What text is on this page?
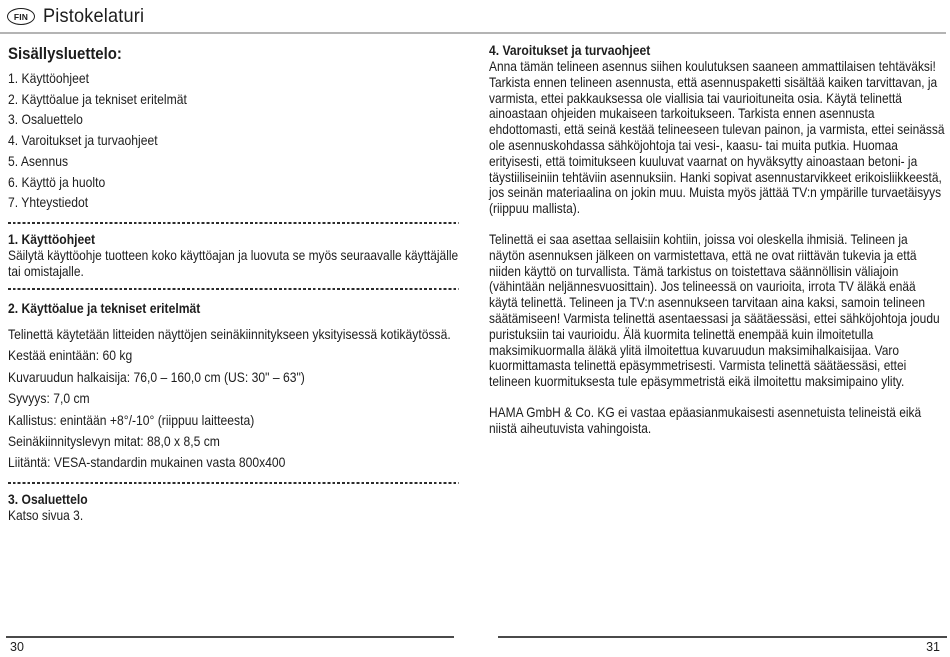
FIN Pistokelaturi
Sisällysluettelo:
1. Käyttöohjeet
2. Käyttöalue ja tekniset eritelmät
3. Osaluettelo
4. Varoitukset ja turvaohjeet
5. Asennus
6. Käyttö ja huolto
7. Yhteystiedot
1. Käyttöohjeet

Säilytä käyttöohje tuotteen koko käyttöajan ja luovuta se myös seuraavalle käyttäjälle tai omistajalle.

2. Käyttöalue ja tekniset eritelmät

Telinettä käytetään litteiden näyttöjen seinäkiinnitykseen yksityisessä kotikäytössä.

Kestää enintään: 60 kg
Kuvaruudun halkaisija: 76,0 – 160,0 cm (US: 30" – 63")
Syvyys: 7,0 cm
Kallistus: enintään +8°/-10° (riippuu laitteesta)
Seinäkiinnityslevyn mitat: 88,0 x 8,5 cm
Liitäntä: VESA-standardin mukainen vasta 800x400
3. Osaluettelo

Katso sivua 3.

4. Varoitukset ja turvaohjeet

Anna tämän telineen asennus siihen koulutuksen saaneen ammattilaisen tehtäväksi! Tarkista ennen telineen asennusta, että asennuspaketti sisältää kaiken tarvittavan, ja varmista, ettei pakkauksessa ole viallisia tai vaurioituneita osia. Käytä telinettä ainoastaan ohjeiden mukaiseen tarkoitukseen. Tarkista ennen asennusta ehdottomasti, että seinä kestää telineeseen tulevan painon, ja varmista, ettei seinässä ole asennuskohdassa sähköjohtoja tai vesi-, kaasu- tai muita putkia. Huomaa erityisesti, että toimitukseen kuuluvat vaarnat on hyväksytty ainoastaan betoni- ja täystiiliseiniin tehtäviin asennuksiin. Hanki sopivat asennustarvikkeet erikoisliikkeestä, jos seinän materiaalina on jokin muu. Muista myös jättää TV:n ympärille turvaetäisyys (riippuu mallista).

Telinettä ei saa asettaa sellaisiin kohtiin, joissa voi oleskella ihmisiä. Telineen ja näytön asennuksen jälkeen on varmistettava, että ne ovat riittävän tukevia ja että niiden käyttö on turvallista. Tämä tarkistus on toistettava säännöllisin väliajoin (vähintään neljännesvuosittain). Jos telineessä on vaurioita, irrota TV äläkä enää käytä telinettä. Telineen ja TV:n asennukseen tarvitaan aina kaksi, samoin telineen säätämiseen! Varmista telinettä asentaessasi ja säätäessäsi, ettei sähköjohtoja joudu puristuksiin tai vaurioidu. Älä kuormita telinettä enempää kuin ilmoitetulla maksimikuormalla äläkä ylitä ilmoitettua kuvaruudun maksimihalkaisijaa. Varo kuormittamasta telinettä epäsymmetrisesti. Varmista telinettä säätäessäsi, ettei telineen kuormituksesta tule epäsymmetristä eikä ilmoitettu maksimipaino ylity.

HAMA GmbH & Co. KG ei vastaa epäasianmukaisesti asennetuista telineistä eikä niistä aiheutuvista vahingoista.

30	31
